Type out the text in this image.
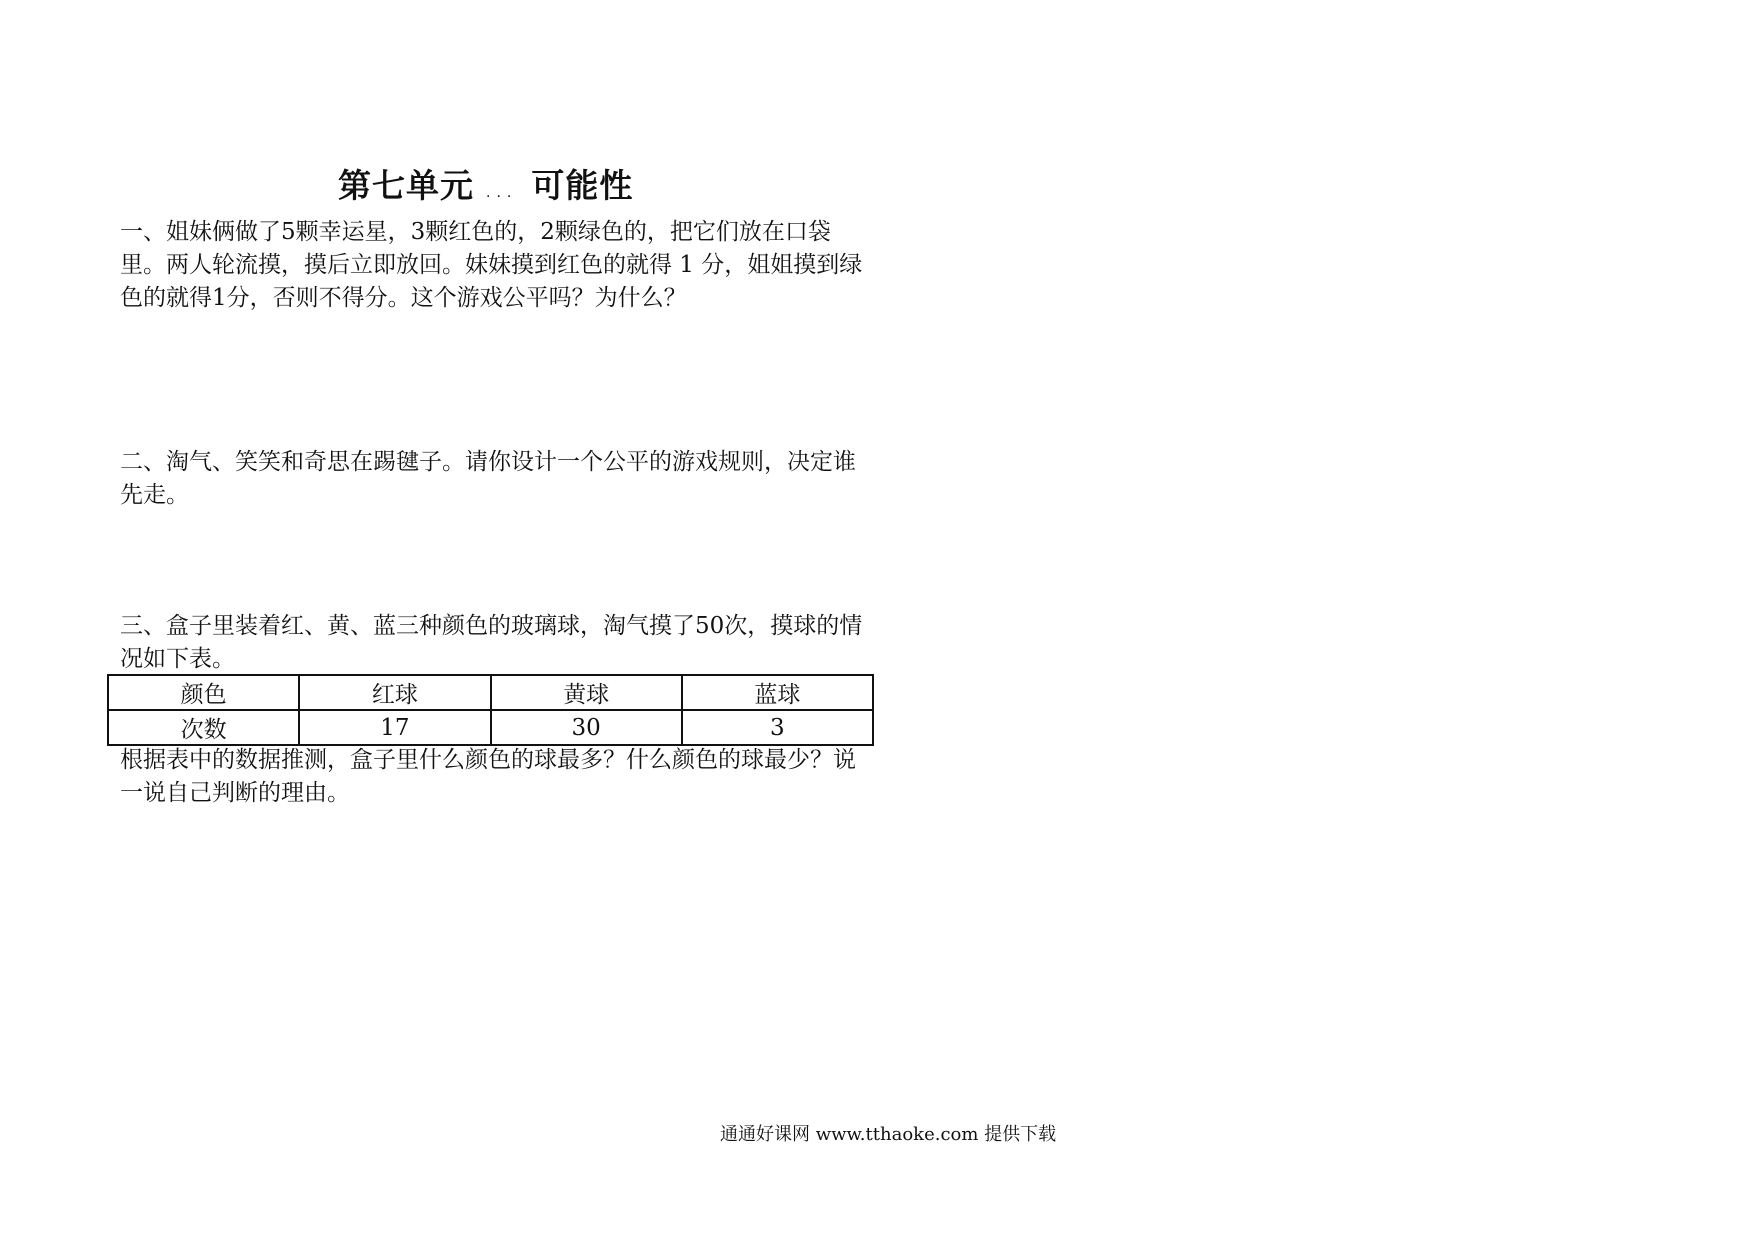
第七单元 ... 可能性

一、姐妹俩做了5颗幸运星，3颗红色的，2颗绿色的，把它们放在口袋里。两人轮流摸，摸后立即放回。妹妹摸到红色的就得 1 分，姐姐摸到绿色的就得1分，否则不得分。这个游戏公平吗？为什么？

二、淘气、笑笑和奇思在踢毽子。请你设计一个公平的游戏规则，决定谁先走。

三、盒子里装着红、黄、蓝三种颜色的玻璃球，淘气摸了50次，摸球的情况如下表。

颜色	红球	黄球	蓝球
次数	17	30	3

根据表中的数据推测，盒子里什么颜色的球最多？什么颜色的球最少？说一说自己判断的理由。

通通好课网 www.tthaoke.com 提供下载
